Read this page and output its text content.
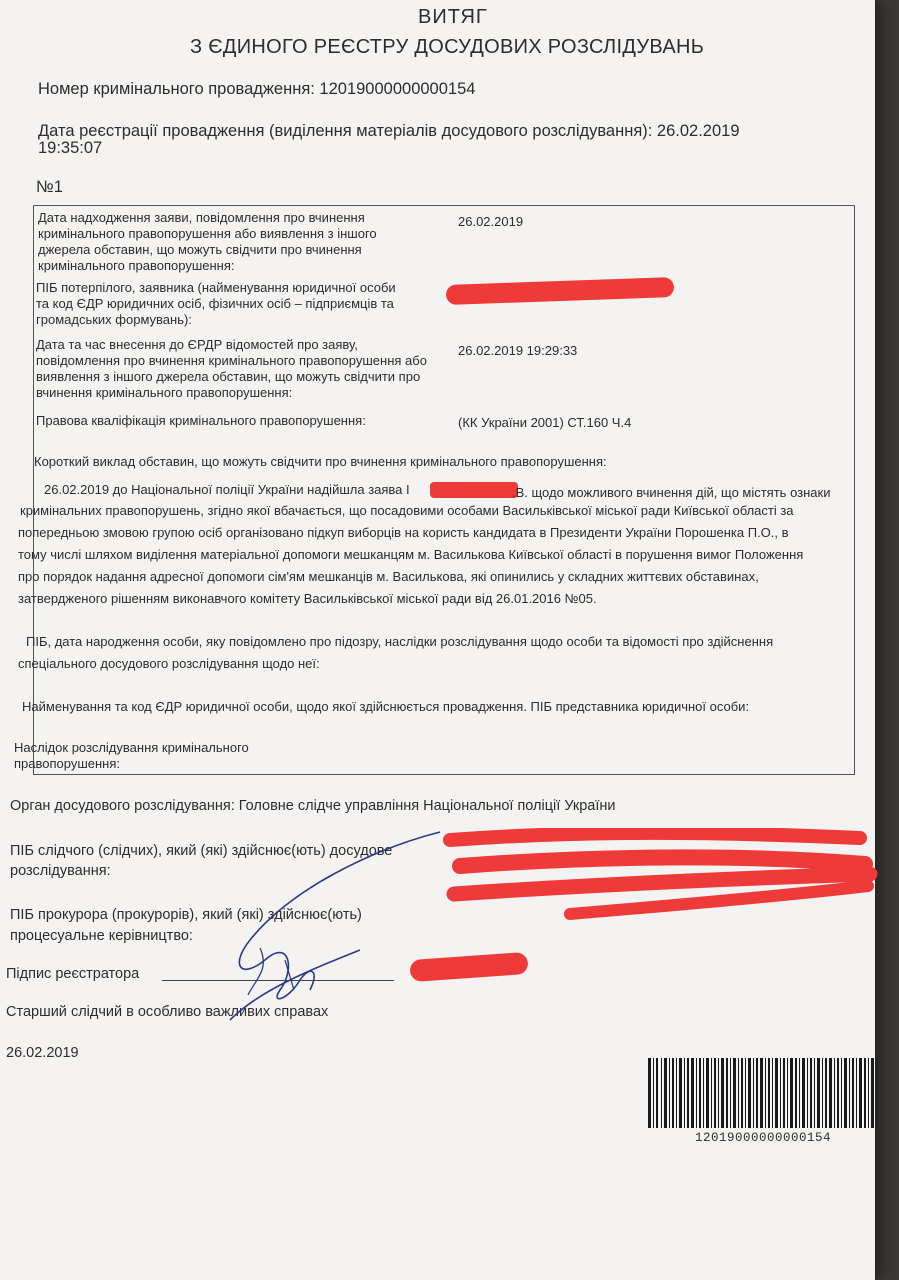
ВИТЯГ
З ЄДИНОГО РЕЄСТРУ ДОСУДОВИХ РОЗСЛІДУВАНЬ
Номер кримінального провадження: 12019000000000154
Дата реєстрації провадження (виділення матеріалів досудового розслідування): 26.02.2019
19:35:07
№1
Дата надходження заяви, повідомлення про вчинення
кримінального правопорушення або виявлення з іншого
джерела обставин, що можуть свідчити про вчинення
кримінального правопорушення:
26.02.2019
ПІБ потерпілого, заявника (найменування юридичної особи
та код ЄДР юридичних осіб, фізичних осіб – підприємців та
громадських формувань):
Дата та час внесення до ЄРДР відомостей про заяву,
повідомлення про вчинення кримінального правопорушення або
виявлення з іншого джерела обставин, що можуть свідчити про
вчинення кримінального правопорушення:
26.02.2019 19:29:33
Правова кваліфікація кримінального правопорушення:	(КК України 2001) СТ.160 Ч.4
Короткий виклад обставин, що можуть свідчити про вчинення кримінального правопорушення:
26.02.2019 до Національної поліції України надійшла заява І	.В. щодо можливого вчинення дій, що містять ознаки
кримінальних правопорушень, згідно якої вбачається, що посадовими особами Васильківської міської ради Київської області за
попередньою змовою групою осіб організовано підкуп виборців на користь кандидата в Президенти України Порошенка П.О., в
тому числі шляхом виділення матеріальної допомоги мешканцям м. Василькова Київської області в порушення вимог Положення
про порядок надання адресної допомоги сім'ям мешканців м. Василькова, які опинились у складних життєвих обставинах,
затвердженого рішенням виконавчого комітету Васильківської міської ради від 26.01.2016 №05.
ПІБ, дата народження особи, яку повідомлено про підозру, наслідки розслідування щодо особи та відомості про здійснення
спеціального досудового розслідування щодо неї:
Найменування та код ЄДР юридичної особи, щодо якої здійснюється провадження. ПІБ представника юридичної особи:
Наслідок розслідування кримінального
правопорушення:
Орган досудового розслідування: Головне слідче управління Національної поліції України
ПІБ слідчого (слідчих), який (які) здійснює(ють) досудове
розслідування:
ПІБ прокурора (прокурорів), який (які) здійснює(ють)
процесуальне керівництво:
Підпис реєстратора
Старший слідчий в особливо важливих справах
26.02.2019
12019000000000154
